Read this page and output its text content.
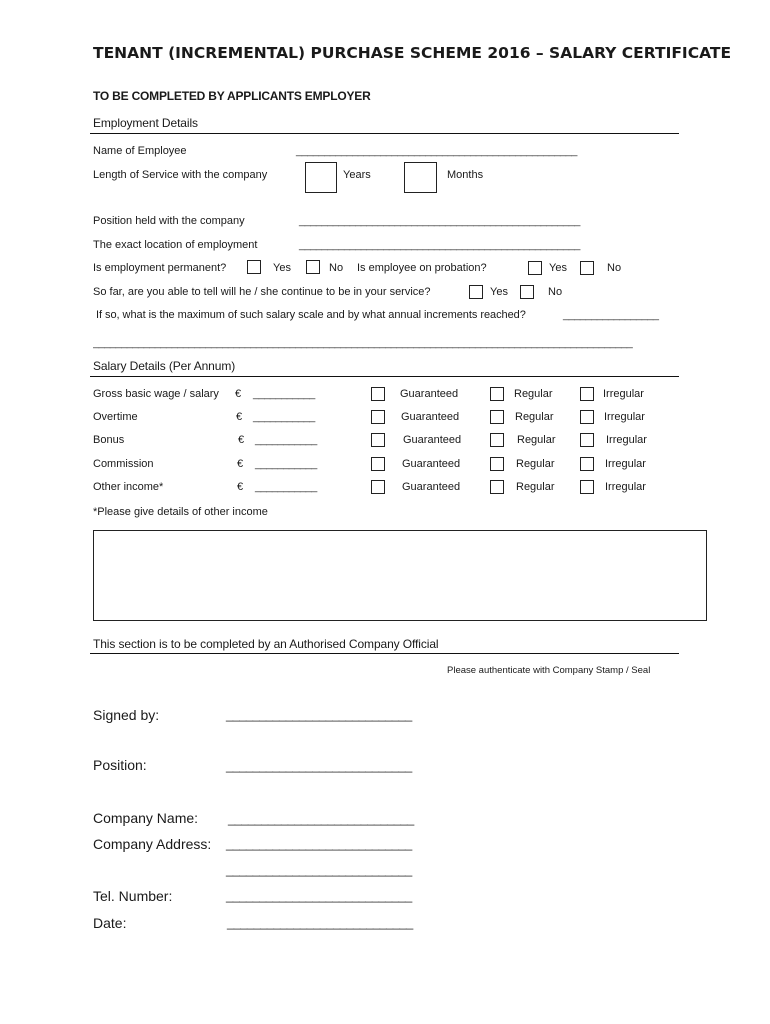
TENANT (INCREMENTAL) PURCHASE SCHEME 2016 – SALARY CERTIFICATE
TO BE COMPLETED BY APPLICANTS EMPLOYER
Employment Details
Name of Employee	__________________________________________________
Length of Service with the company	Years	Months
Position held with the company	__________________________________________________
The exact location of employment	__________________________________________________
Is employment permanent?	Yes	No Is employee on probation?	Yes	No
So far, are you able to tell will he / she continue to be in your service?	Yes	No
If so, what is the maximum of such salary scale and by what annual increments reached?	_________________
________________________________________________________________________________________________
Salary Details (Per Annum)
Gross basic wage / salary € ___________	Guaranteed	Regular	Irregular
Overtime	€ ___________	Guaranteed	Regular	Irregular
Bonus	€ ___________	Guaranteed	Regular	Irregular
Commission	€ ___________	Guaranteed	Regular	Irregular
Other income*	€ ___________	Guaranteed	Regular	Irregular
*Please give details of other income
This section is to be completed by an Authorised Company Official
Please authenticate with Company Stamp / Seal
Signed by:	____________________________
Position:	____________________________
Company Name: ____________________________
Company Address: ____________________________
____________________________
Tel. Number:	____________________________
Date:	____________________________
